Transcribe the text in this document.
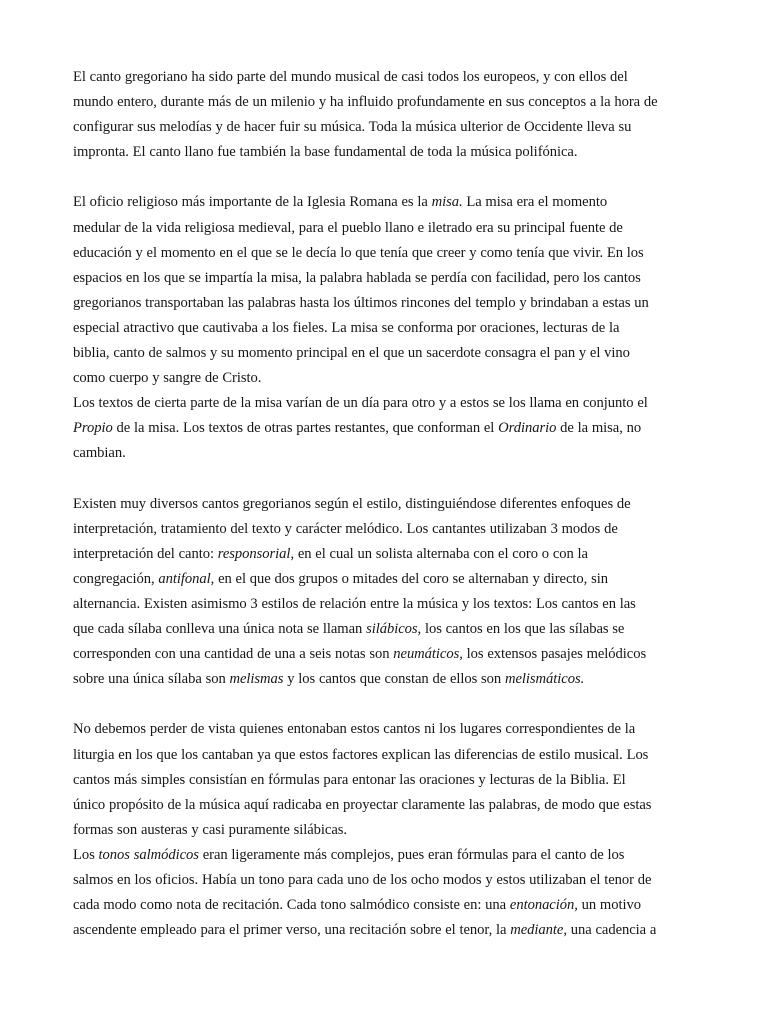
El canto gregoriano ha sido parte del mundo musical de casi todos los europeos, y con ellos del
mundo entero, durante más de un milenio y ha influido profundamente en sus conceptos a la hora de
configurar sus melodías y de hacer fuir su música. Toda la música ulterior de Occidente lleva su
impronta. El canto llano fue también la base fundamental de toda la música polifónica.
El oficio religioso más importante de la Iglesia Romana es la misa. La misa era el momento
medular de la vida religiosa medieval, para el pueblo llano e iletrado era su principal fuente de
educación y el momento en el que se le decía lo que tenía que creer y como tenía que vivir. En los
espacios en los que se impartía la misa, la palabra hablada se perdía con facilidad, pero los cantos
gregorianos transportaban las palabras hasta los últimos rincones del templo y brindaban a estas un
especial atractivo que cautivaba a los fieles. La misa se conforma por oraciones, lecturas de la
biblia, canto de salmos y su momento principal en el que un sacerdote consagra el pan y el vino
como cuerpo y sangre de Cristo.
Los textos de cierta parte de la misa varían de un día para otro y a estos se los llama en conjunto el
Propio de la misa. Los textos de otras partes restantes, que conforman el Ordinario de la misa, no
cambian.
Existen muy diversos cantos gregorianos según el estilo, distinguiéndose diferentes enfoques de
interpretación, tratamiento del texto y carácter melódico. Los cantantes utilizaban 3 modos de
interpretación del canto: responsorial, en el cual un solista alternaba con el coro o con la
congregación, antifonal, en el que dos grupos o mitades del coro se alternaban y directo, sin
alternancia. Existen asimismo 3 estilos de relación entre la música y los textos: Los cantos en las
que cada sílaba conlleva una única nota se llaman silábicos, los cantos en los que las sílabas se
corresponden con una cantidad de una a seis notas son neumáticos, los extensos pasajes melódicos
sobre una única sílaba son melismas y los cantos que constan de ellos son melismáticos.
No debemos perder de vista quienes entonaban estos cantos ni los lugares correspondientes de la
liturgia en los que los cantaban ya que estos factores explican las diferencias de estilo musical. Los
cantos más simples consistían en fórmulas para entonar las oraciones y lecturas de la Biblia. El
único propósito de la música aquí radicaba en proyectar claramente las palabras, de modo que estas
formas son austeras y casi puramente silábicas.
Los tonos salmódicos eran ligeramente más complejos, pues eran fórmulas para el canto de los
salmos en los oficios. Había un tono para cada uno de los ocho modos y estos utilizaban el tenor de
cada modo como nota de recitación. Cada tono salmódico consiste en: una entonación, un motivo
ascendente empleado para el primer verso, una recitación sobre el tenor, la mediante, una cadencia a
